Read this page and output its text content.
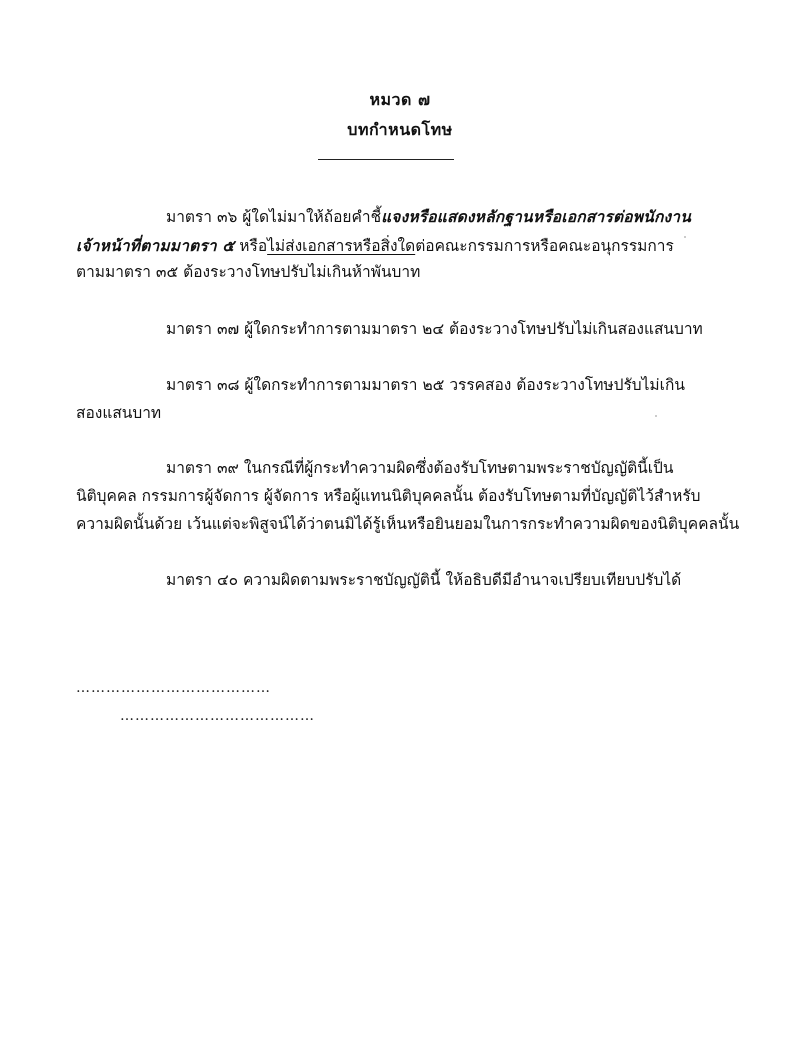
หมวด ๗
บทกำหนดโทษ
มาตรา ๓๖ ผู้ใดไม่มาให้ถ้อยคำชี้แจงหรือแสดงหลักฐานหรือเอกสารต่อพนักงาน
เจ้าหน้าที่ตามมาตรา ๕ หรือไม่ส่งเอกสารหรือสิ่งใดต่อคณะกรรมการหรือคณะอนุกรรมการ
ตามมาตรา ๓๕ ต้องระวางโทษปรับไม่เกินห้าพันบาท
มาตรา ๓๗ ผู้ใดกระทำการตามมาตรา ๒๔ ต้องระวางโทษปรับไม่เกินสองแสนบาท
มาตรา ๓๘ ผู้ใดกระทำการตามมาตรา ๒๕ วรรคสอง ต้องระวางโทษปรับไม่เกิน
สองแสนบาท
มาตรา ๓๙ ในกรณีที่ผู้กระทำความผิดซึ่งต้องรับโทษตามพระราชบัญญัตินี้เป็น
นิติบุคคล กรรมการผู้จัดการ ผู้จัดการ หรือผู้แทนนิติบุคคลนั้น ต้องรับโทษตามที่บัญญัติไว้สำหรับ
ความผิดนั้นด้วย เว้นแต่จะพิสูจน์ได้ว่าตนมิได้รู้เห็นหรือยินยอมในการกระทำความผิดของนิติบุคคลนั้น
มาตรา ๔๐ ความผิดตามพระราชบัญญัตินี้ ให้อธิบดีมีอำนาจเปรียบเทียบปรับได้
…………………………………
…………………………………
